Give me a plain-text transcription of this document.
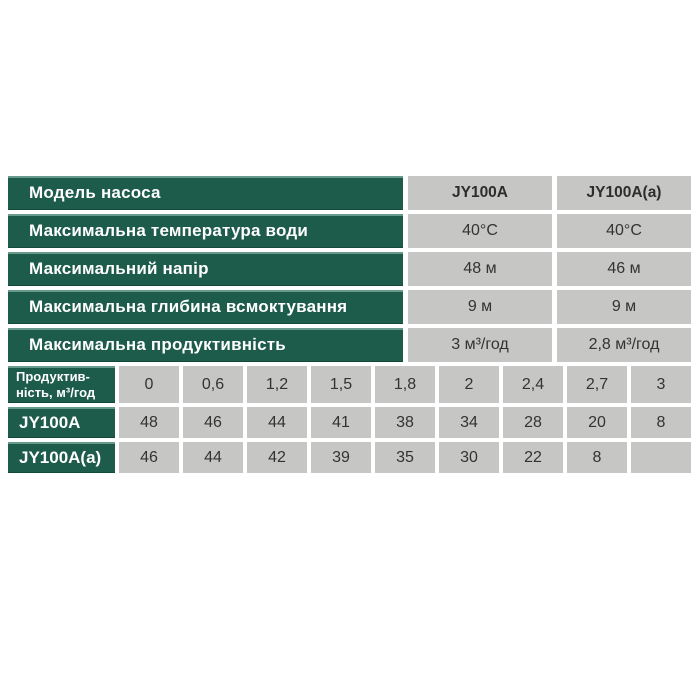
Модель насоса	JY100A	JY100A(a)
Максимальна температура води	40°C	40°C
Максимальний напір	48 м	46 м
Максимальна глибина всмоктування	9 м	9 м
Максимальна продуктивність	3 м³/год	2,8 м³/год
Продуктив-
ність, м³/год	0	0,6	1,2	1,5	1,8	2	2,4	2,7	3
JY100A	48	46	44	41	38	34	28	20	8
JY100A(a)	46	44	42	39	35	30	22	8
